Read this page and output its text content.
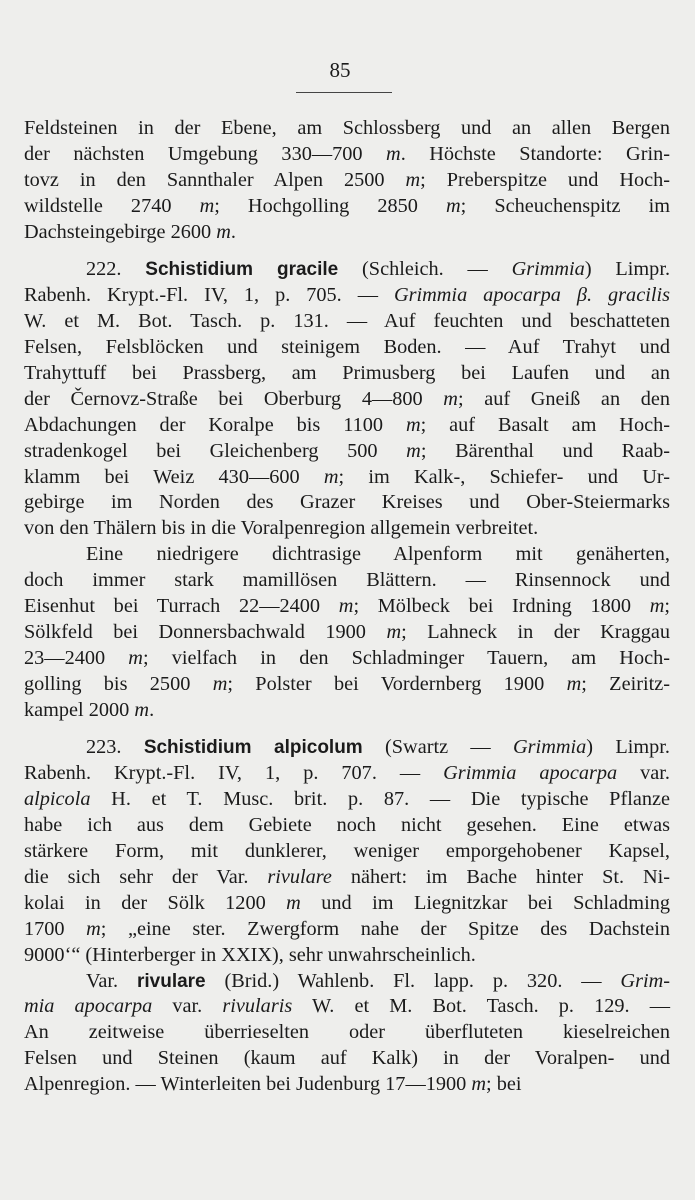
85
Feldsteinen in der Ebene, am Schlossberg und an allen Bergen
der nächsten Umgebung 330—700 m. Höchste Standorte: Grin-
tovz in den Sannthaler Alpen 2500 m; Preberspitze und Hoch-
wildstelle 2740 m; Hochgolling 2850 m; Scheuchenspitz im
Dachsteingebirge 2600 m.
222. Schistidium gracile (Schleich. — Grimmia) Limpr.
Rabenh. Krypt.-Fl. IV, 1, p. 705. — Grimmia apocarpa β. gracilis
W. et M. Bot. Tasch. p. 131. — Auf feuchten und beschatteten
Felsen, Felsblöcken und steinigem Boden. — Auf Trahyt und
Trahyttuff bei Prassberg, am Primusberg bei Laufen und an
der Černovz-Straße bei Oberburg 4—800 m; auf Gneiß an den
Abdachungen der Koralpe bis 1100 m; auf Basalt am Hoch-
stradenkogel bei Gleichenberg 500 m; Bärenthal und Raab-
klamm bei Weiz 430—600 m; im Kalk-, Schiefer- und Ur-
gebirge im Norden des Grazer Kreises und Ober-Steiermarks
von den Thälern bis in die Voralpenregion allgemein verbreitet.
Eine niedrigere dichtrasige Alpenform mit genäherten,
doch immer stark mamillösen Blättern. — Rinsennock und
Eisenhut bei Turrach 22—2400 m; Mölbeck bei Irdning 1800 m;
Sölkfeld bei Donnersbachwald 1900 m; Lahneck in der Kraggau
23—2400 m; vielfach in den Schladminger Tauern, am Hoch-
golling bis 2500 m; Polster bei Vordernberg 1900 m; Zeiritz-
kampel 2000 m.
223. Schistidium alpicolum (Swartz — Grimmia) Limpr.
Rabenh. Krypt.-Fl. IV, 1, p. 707. — Grimmia apocarpa var.
alpicola H. et T. Musc. brit. p. 87. — Die typische Pflanze
habe ich aus dem Gebiete noch nicht gesehen. Eine etwas
stärkere Form, mit dunklerer, weniger emporgehobener Kapsel,
die sich sehr der Var. rivulare nähert: im Bache hinter St. Ni-
kolai in der Sölk 1200 m und im Liegnitzkar bei Schladming
1700 m; „eine ster. Zwergform nahe der Spitze des Dachstein
9000‘“ (Hinterberger in XXIX), sehr unwahrscheinlich.
Var. rivulare (Brid.) Wahlenb. Fl. lapp. p. 320. — Grim-
mia apocarpa var. rivularis W. et M. Bot. Tasch. p. 129. —
An zeitweise überrieselten oder überfluteten kieselreichen
Felsen und Steinen (kaum auf Kalk) in der Voralpen- und
Alpenregion. — Winterleiten bei Judenburg 17—1900 m; bei
